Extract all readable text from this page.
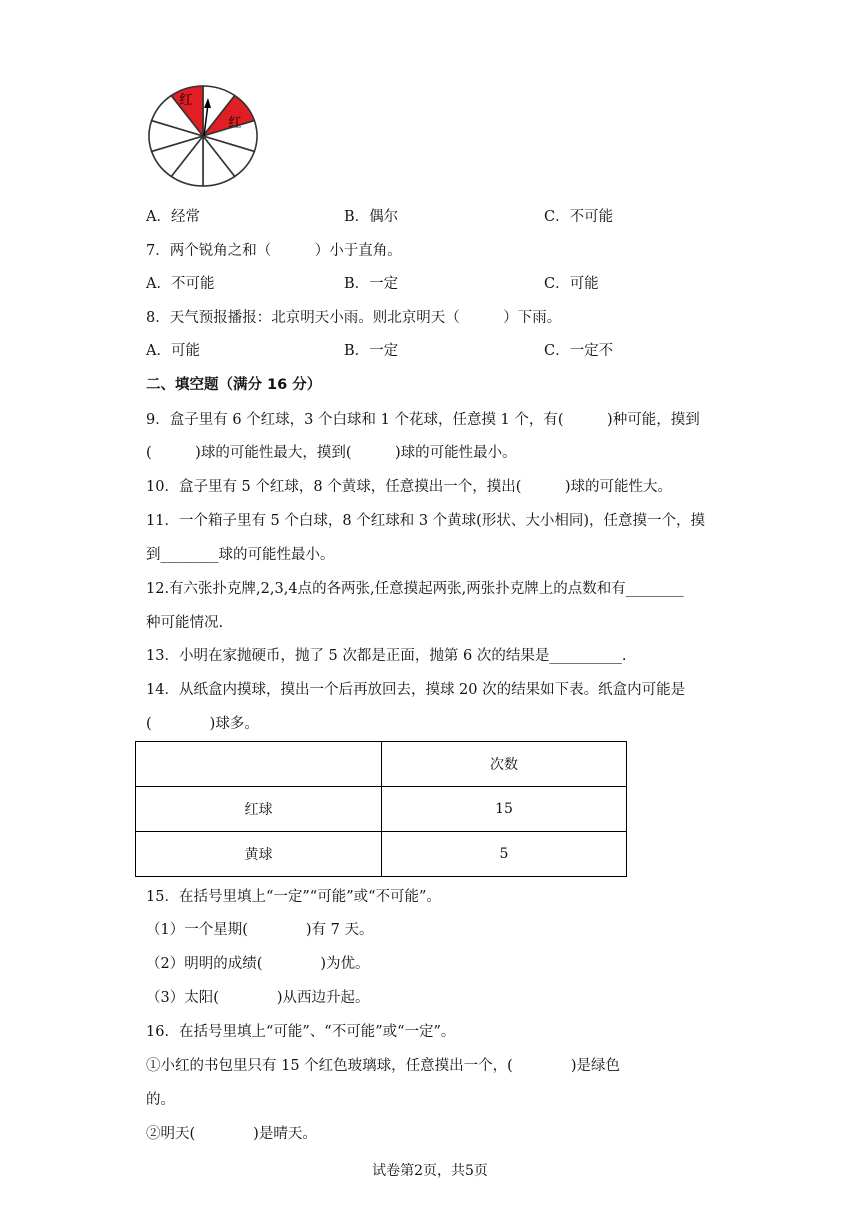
红
红
A．经常	B．偶尔	C．不可能
7．两个锐角之和（　　　）小于直角。
A．不可能	B．一定	C．可能
8．天气预报播报：北京明天小雨。则北京明天（　　　）下雨。
A．可能	B．一定	C．一定不
二、填空题（满分 16 分）
9．盒子里有 6 个红球，3 个白球和 1 个花球，任意摸 1 个，有(　　　)种可能，摸到
(　　　)球的可能性最大，摸到(　　　)球的可能性最小。
10．盒子里有 5 个红球，8 个黄球，任意摸出一个，摸出(　　　)球的可能性大。
11．一个箱子里有 5 个白球，8 个红球和 3 个黄球(形状、大小相同)，任意摸一个，摸
到________球的可能性最小。
12.有六张扑克牌,2,3,4点的各两张,任意摸起两张,两张扑克牌上的点数和有________
种可能情况.
13．小明在家抛硬币，抛了 5 次都是正面，抛第 6 次的结果是__________.
14．从纸盒内摸球，摸出一个后再放回去，摸球 20 次的结果如下表。纸盒内可能是
(　　　　)球多。
	次数
红球	15
黄球	5
15．在括号里填上“一定”“可能”或“不可能”。
（1）一个星期(　　　　)有 7 天。
（2）明明的成绩(　　　　)为优。
（3）太阳(　　　　)从西边升起。
16．在括号里填上“可能”、“不可能”或“一定”。
①小红的书包里只有 15 个红色玻璃球，任意摸出一个，(　　　　)是绿色
的。
②明天(　　　　)是晴天。
试卷第2页，共5页
